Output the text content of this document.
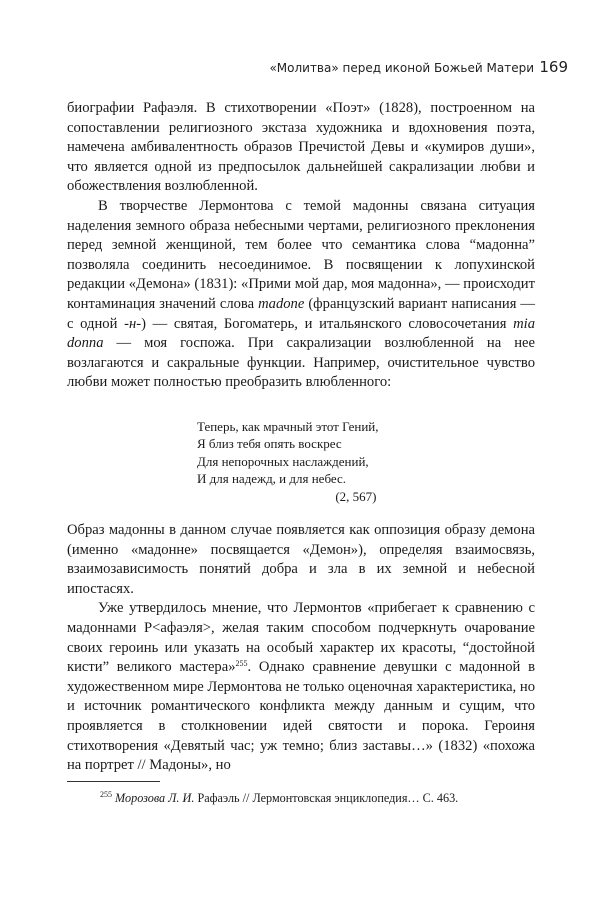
«Молитва» перед иконой Божьей Матери 169

биографии Рафаэля. В стихотворении «Поэт» (1828), построенном на сопоставлении религиозного экстаза художника и вдохновения поэта, намечена амбивалентность образов Пречистой Девы и «кумиров души», что является одной из предпосылок дальнейшей сакрализации любви и обожествления возлюбленной.

В творчестве Лермонтова с темой мадонны связана ситуация наделения земного образа небесными чертами, религиозного преклонения перед земной женщиной, тем более что семантика слова “мадонна” позволяла соединить несоединимое. В посвящении к лопухинской редакции «Демона» (1831): «Прими мой дар, моя мадонна», — происходит контаминация значений слова madone (французский вариант написания — с одной -н-) — святая, Богоматерь, и итальянского словосочетания mia donna — моя госпожа. При сакрализации возлюбленной на нее возлагаются и сакральные функции. Например, очистительное чувство любви может полностью преобразить влюбленного:

Теперь, как мрачный этот Гений,
Я близ тебя опять воскрес
Для непорочных наслаждений,
И для надежд, и для небес.
(2, 567)

Образ мадонны в данном случае появляется как оппозиция образу демона (именно «мадонне» посвящается «Демон»), определяя взаимосвязь, взаимозависимость понятий добра и зла в их земной и небесной ипостасях.

Уже утвердилось мнение, что Лермонтов «прибегает к сравнению с мадоннами Р<афаэля>, желая таким способом подчеркнуть очарование своих героинь или указать на особый характер их красоты, “достойной кисти” великого мастера»$^{255}$. Однако сравнение девушки с мадонной в художественном мире Лермонтова не только оценочная характеристика, но и источник романтического конфликта между данным и сущим, что проявляется в столкновении идей святости и порока. Героиня стихотворения «Девятый час; уж темно; близ заставы…» (1832) «похожа на портрет // Мадоны», но

$^{255}$ Морозова Л. И. Рафаэль // Лермонтовская энциклопедия… С. 463.
